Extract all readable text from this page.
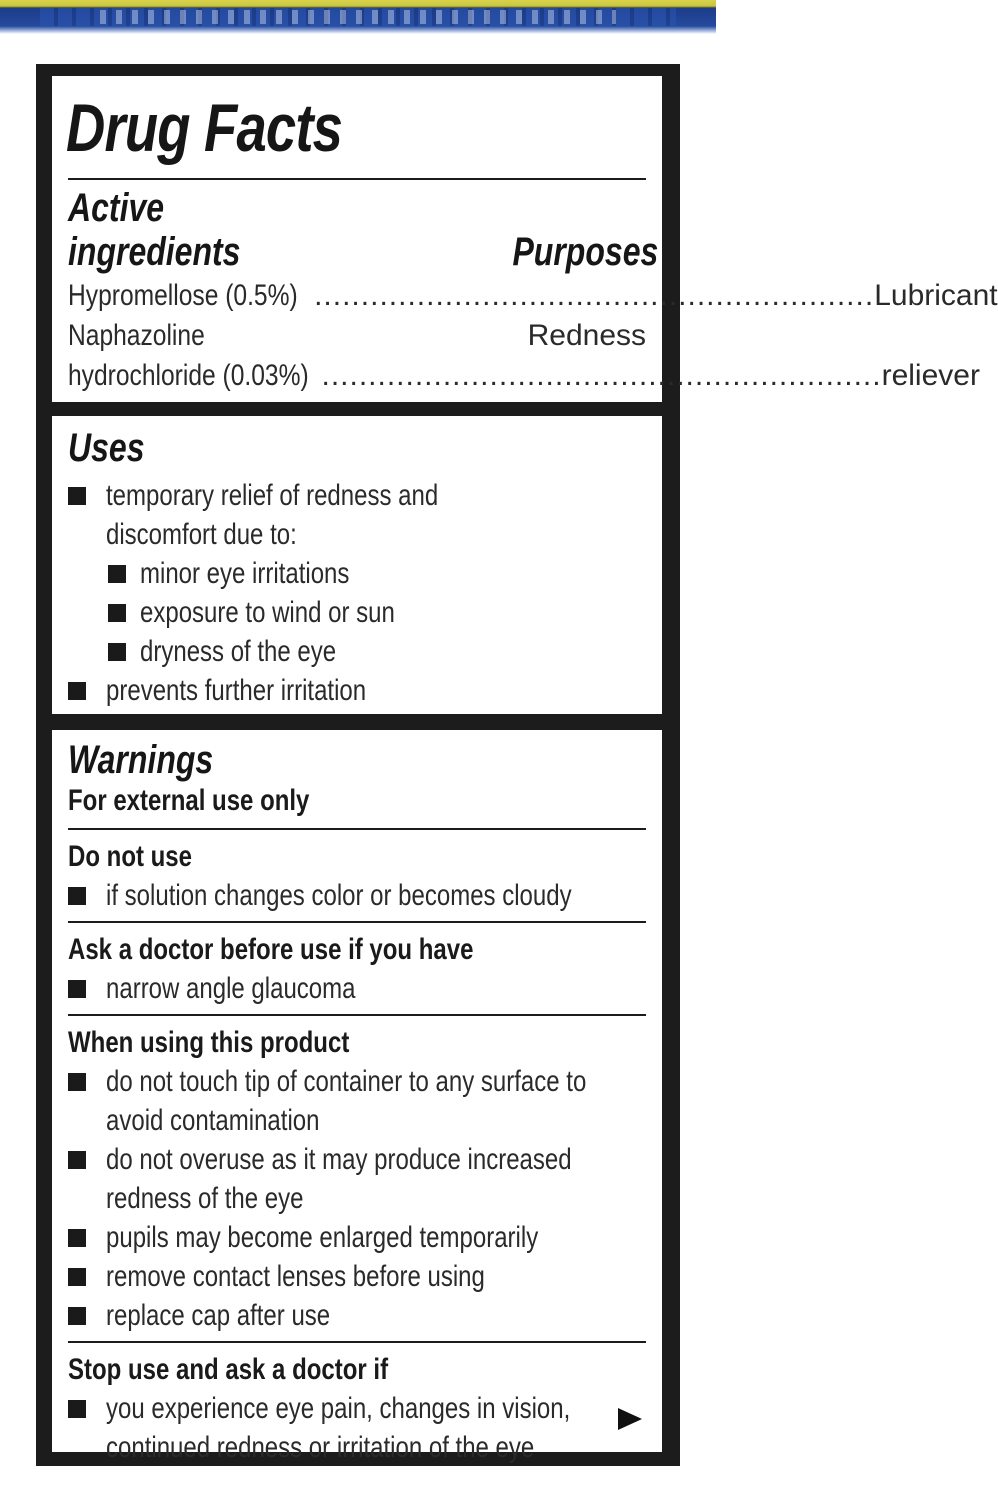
Drug Facts
Active
ingredients	Purposes
Hypromellose (0.5%) ............................................................ Lubricant
Naphazoline	Redness
hydrochloride (0.03%) ............................................................ reliever
Uses
temporary relief of redness and
discomfort due to:
minor eye irritations
exposure to wind or sun
dryness of the eye
prevents further irritation
Warnings
For external use only
Do not use
if solution changes color or becomes cloudy
Ask a doctor before use if you have
narrow angle glaucoma
When using this product
do not touch tip of container to any surface to
avoid contamination
do not overuse as it may produce increased
redness of the eye
pupils may become enlarged temporarily
remove contact lenses before using
replace cap after use
Stop use and ask a doctor if
you experience eye pain, changes in vision,
continued redness or irritation of the eye
